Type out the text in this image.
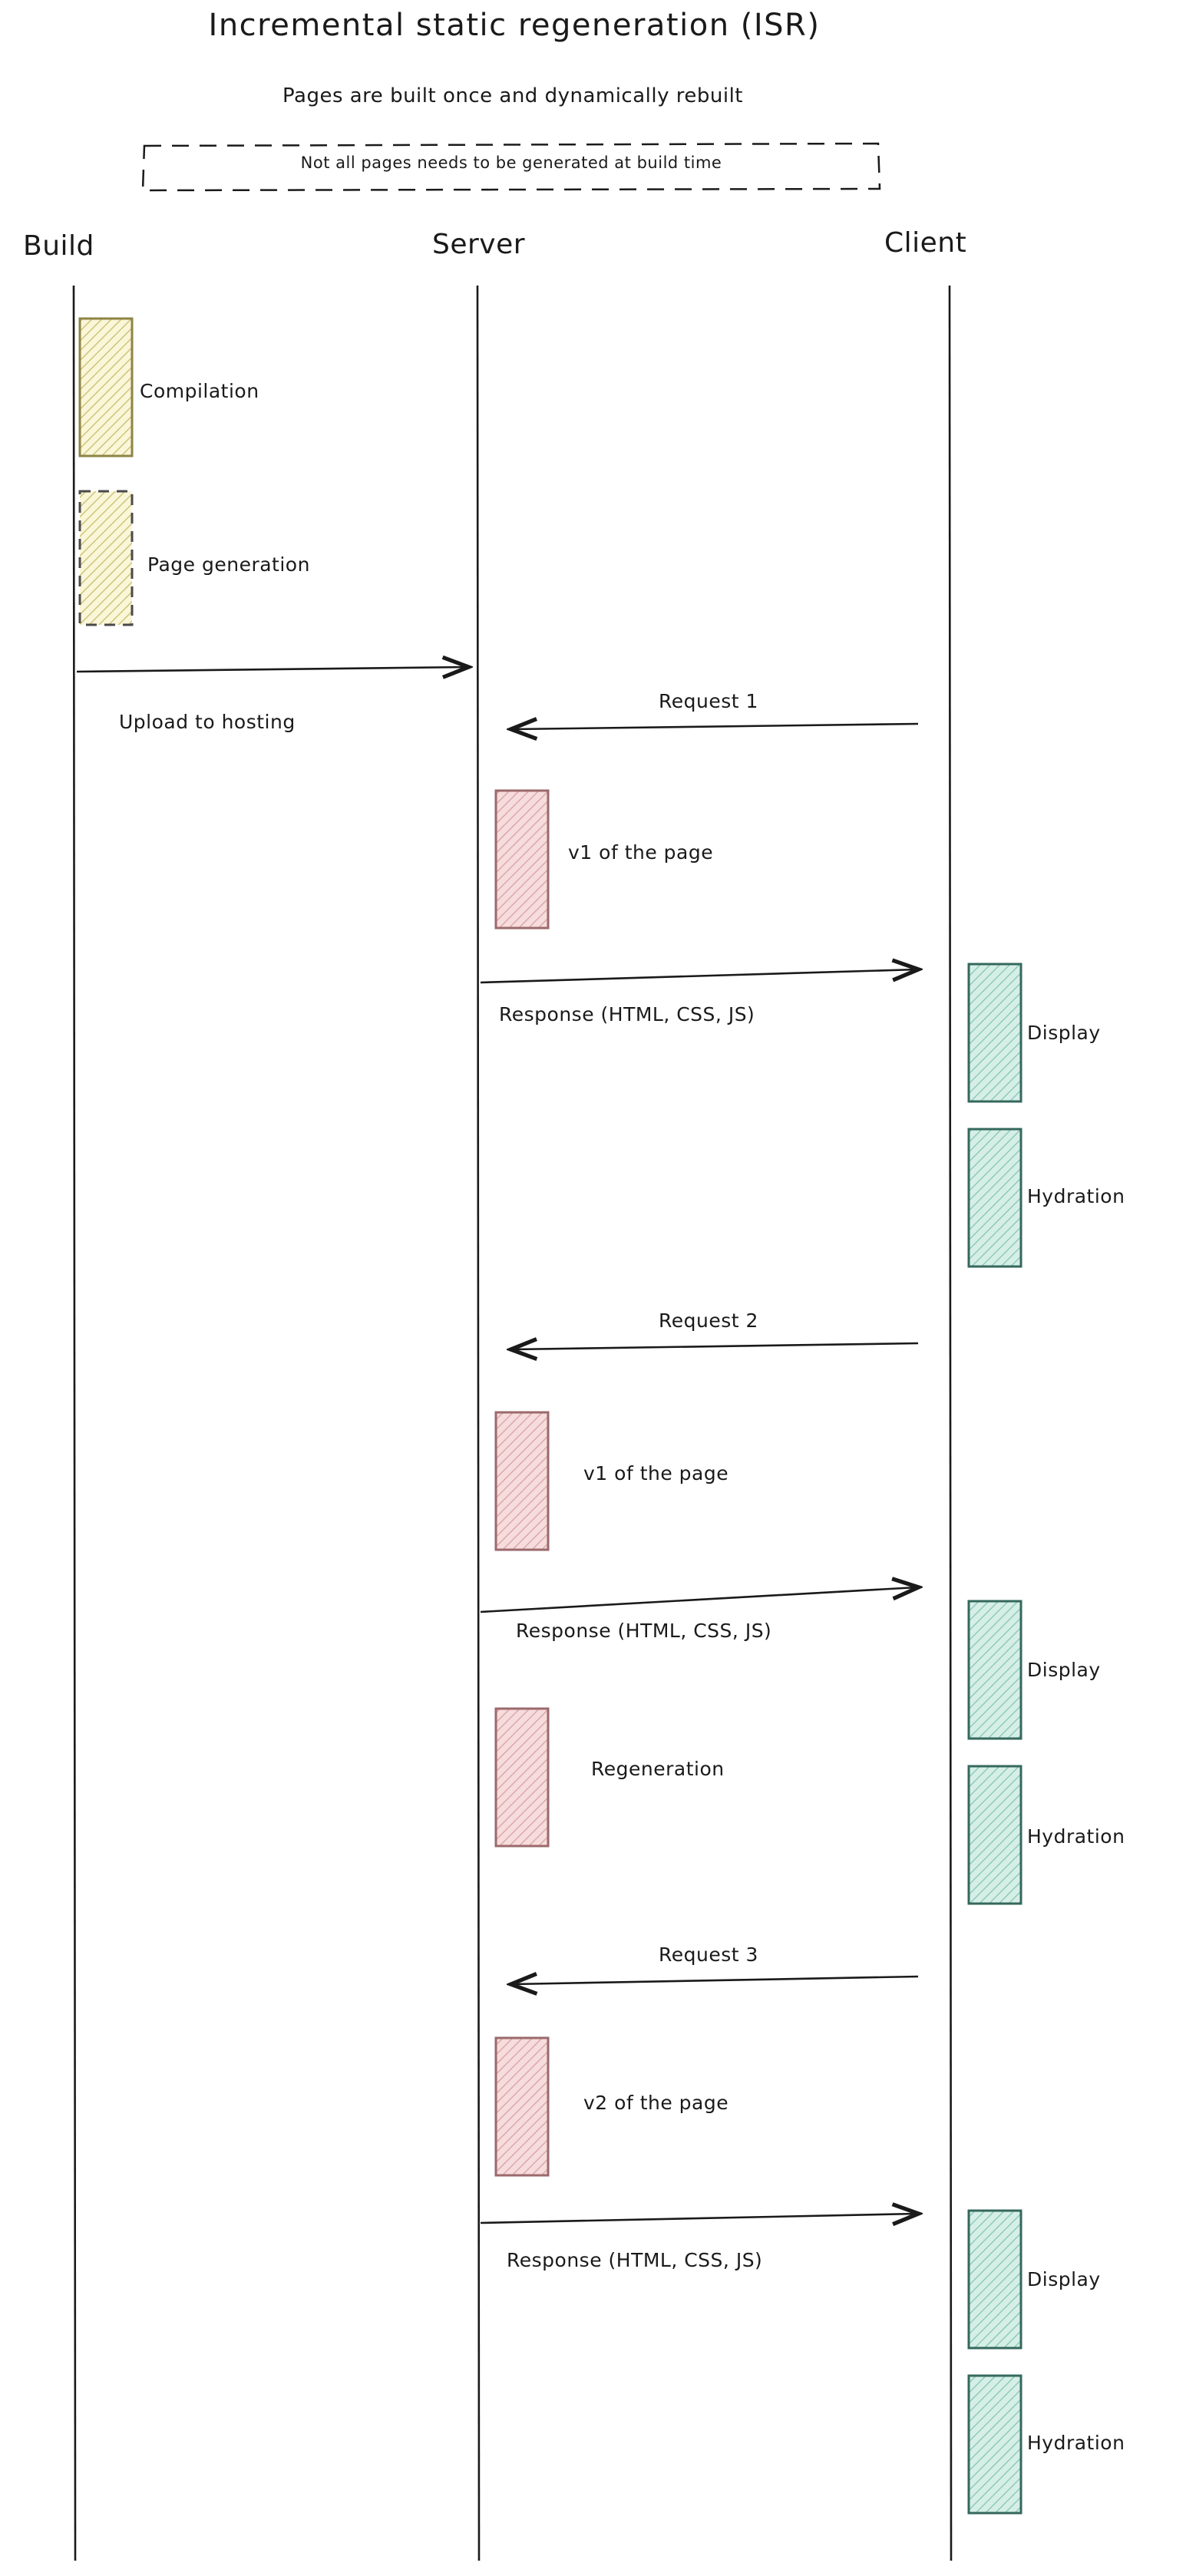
Incremental static regeneration (ISR)
Pages are built once and dynamically rebuilt
Not all pages needs to be generated at build time
Build	Server	Client
Compilation
Page generation
Upload to hosting
Request 1
v1 of the page
Response (HTML, CSS, JS)
Display
Hydration
Request 2
v1 of the page
Response (HTML, CSS, JS)
Display
Regeneration
Hydration
Request 3
v2 of the page
Response (HTML, CSS, JS)
Display
Hydration
